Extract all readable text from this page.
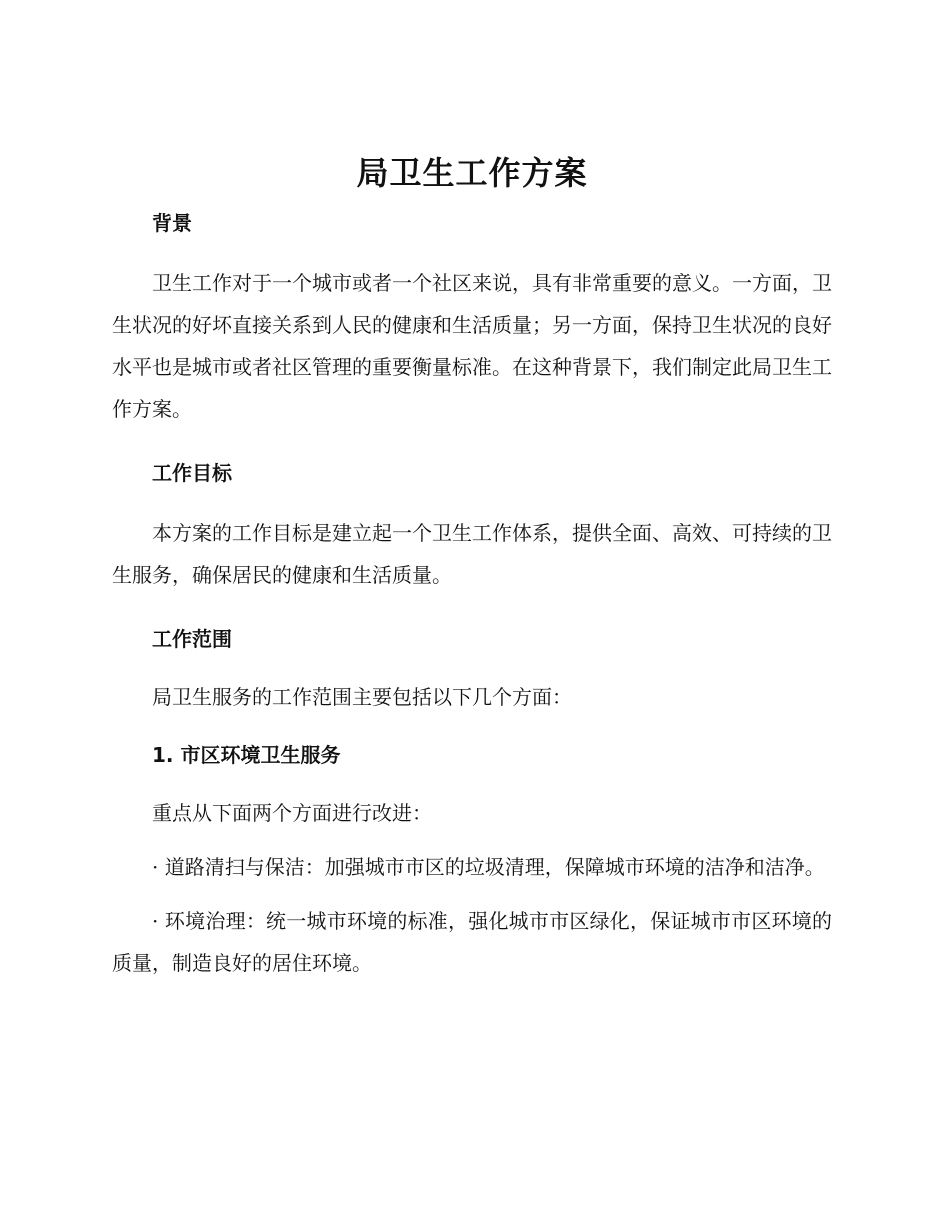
局卫生工作方案
背景

卫生工作对于一个城市或者一个社区来说，具有非常重要的意义。一方面，卫生状况的好坏直接关系到人民的健康和生活质量；另一方面，保持卫生状况的良好水平也是城市或者社区管理的重要衡量标准。在这种背景下，我们制定此局卫生工作方案。

工作目标

本方案的工作目标是建立起一个卫生工作体系，提供全面、高效、可持续的卫生服务，确保居民的健康和生活质量。

工作范围

局卫生服务的工作范围主要包括以下几个方面：

1. 市区环境卫生服务

重点从下面两个方面进行改进：

· 道路清扫与保洁：加强城市市区的垃圾清理，保障城市环境的洁净和洁净。

· 环境治理：统一城市环境的标准，强化城市市区绿化，保证城市市区环境的质量，制造良好的居住环境。
